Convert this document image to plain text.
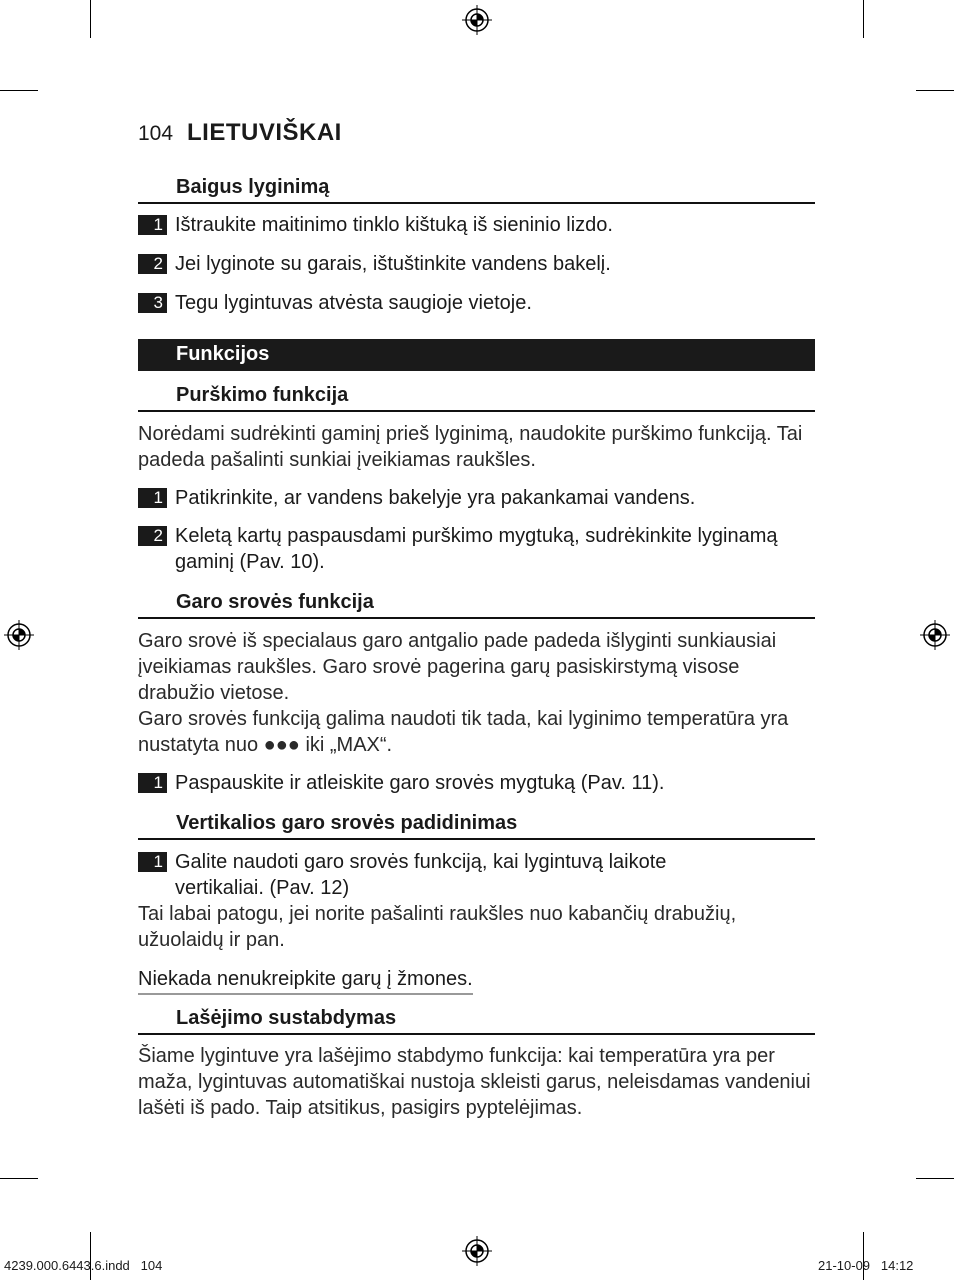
104 LIETUVIŠKAI
Baigus lyginimą
1 Ištraukite maitinimo tinklo kištuką iš sieninio lizdo.
2 Jei lyginote su garais, ištuštinkite vandens bakelį.
3 Tegu lygintuvas atvėsta saugioje vietoje.
Funkcijos
Purškimo funkcija
Norėdami sudrėkinti gaminį prieš lyginimą, naudokite purškimo funkciją. Tai padeda pašalinti sunkiai įveikiamas raukšles.
1 Patikrinkite, ar vandens bakelyje yra pakankamai vandens.
2 Keletą kartų paspausdami purškimo mygtuką, sudrėkinkite lyginamą gaminį (Pav. 10).
Garo srovės funkcija
Garo srovė iš specialaus garo antgalio pade padeda išlyginti sunkiausiai įveikiamas raukšles. Garo srovė pagerina garų pasiskirstymą visose drabužio vietose.
Garo srovės funkciją galima naudoti tik tada, kai lyginimo temperatūra yra nustatyta nuo ●●● iki „MAX“.
1 Paspauskite ir atleiskite garo srovės mygtuką (Pav. 11).
Vertikalios garo srovės padidinimas
1 Galite naudoti garo srovės funkciją, kai lygintuvą laikote vertikaliai. (Pav. 12)
Tai labai patogu, jei norite pašalinti raukšles nuo kabančių drabužių, užuolaidų ir pan.
Niekada nenukreipkite garų į žmones.
Lašėjimo sustabdymas
Šiame lygintuve yra lašėjimo stabdymo funkcija: kai temperatūra yra per maža, lygintuvas automatiškai nustoja skleisti garus, neleisdamas vandeniui lašėti iš pado. Taip atsitikus, pasigirs pyptelėjimas.
4239.000.6443.6.indd   104	21-10-09   14:12
